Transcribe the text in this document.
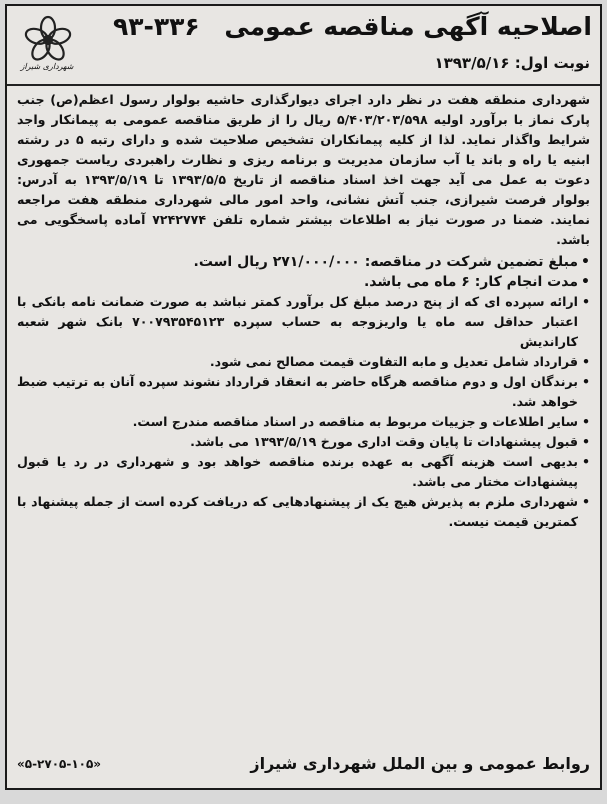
اصلاحیه آگهی مناقصه عمومی ۳۳۶-۹۳
نوبت اول: ۱۳۹۳/۵/۱۶
شهرداری شیراز

شهرداری منطقه هفت در نظر دارد اجرای دیوارگذاری حاشیه بولوار رسول اعظم(ص) جنب پارک نماز با برآورد اولیه ۵/۴۰۳/۲۰۳/۵۹۸ ریال را از طریق مناقصه عمومی به پیمانکار واجد شرایط واگذار نماید. لذا از کلیه پیمانکاران تشخیص صلاحیت شده و دارای رتبه ۵ در رشته ابنیه یا راه و باند یا آب سازمان مدیریت و برنامه ریزی و نظارت راهبردی ریاست جمهوری دعوت به عمل می آید جهت اخذ اسناد مناقصه از تاریخ ۱۳۹۳/۵/۵ تا ۱۳۹۳/۵/۱۹ به آدرس: بولوار فرصت شیرازی، جنب آتش نشانی، واحد امور مالی شهرداری منطقه هفت مراجعه نمایند. ضمنا در صورت نیاز به اطلاعات بیشتر شماره تلفن ۷۲۴۲۷۷۴ آماده پاسخگویی می باشد.

• مبلغ تضمین شرکت در مناقصه: ۲۷۱/۰۰۰/۰۰۰ ریال است.
• مدت انجام کار: ۶ ماه می باشد.
• ارائه سپرده ای که از پنج درصد مبلغ کل برآورد کمتر نباشد به صورت ضمانت نامه بانکی با اعتبار حداقل سه ماه یا واریزوجه به حساب سپرده ۷۰۰۷۹۳۵۴۵۱۲۳ بانک شهر شعبه کاراندیش
• قرارداد شامل تعدیل و مابه التفاوت قیمت مصالح نمی شود.
• برندگان اول و دوم مناقصه هرگاه حاضر به انعقاد قرارداد نشوند سپرده آنان به ترتیب ضبط خواهد شد.
• سایر اطلاعات و جزییات مربوط به مناقصه در اسناد مناقصه مندرج است.
• قبول پیشنهادات تا پایان وقت اداری مورخ ۱۳۹۳/۵/۱۹ می باشد.
• بدیهی است هزینه آگهی به عهده برنده مناقصه خواهد بود و شهرداری در رد یا قبول پیشنهادات مختار می باشد.
• شهرداری ملزم به پذیرش هیچ یک از پیشنهادهایی که دریافت کرده است از جمله پیشنهاد با کمترین قیمت نیست.
روابط عمومی و بین الملل شهرداری شیراز
«۵-۲۷۰۵-۱۰۵»
